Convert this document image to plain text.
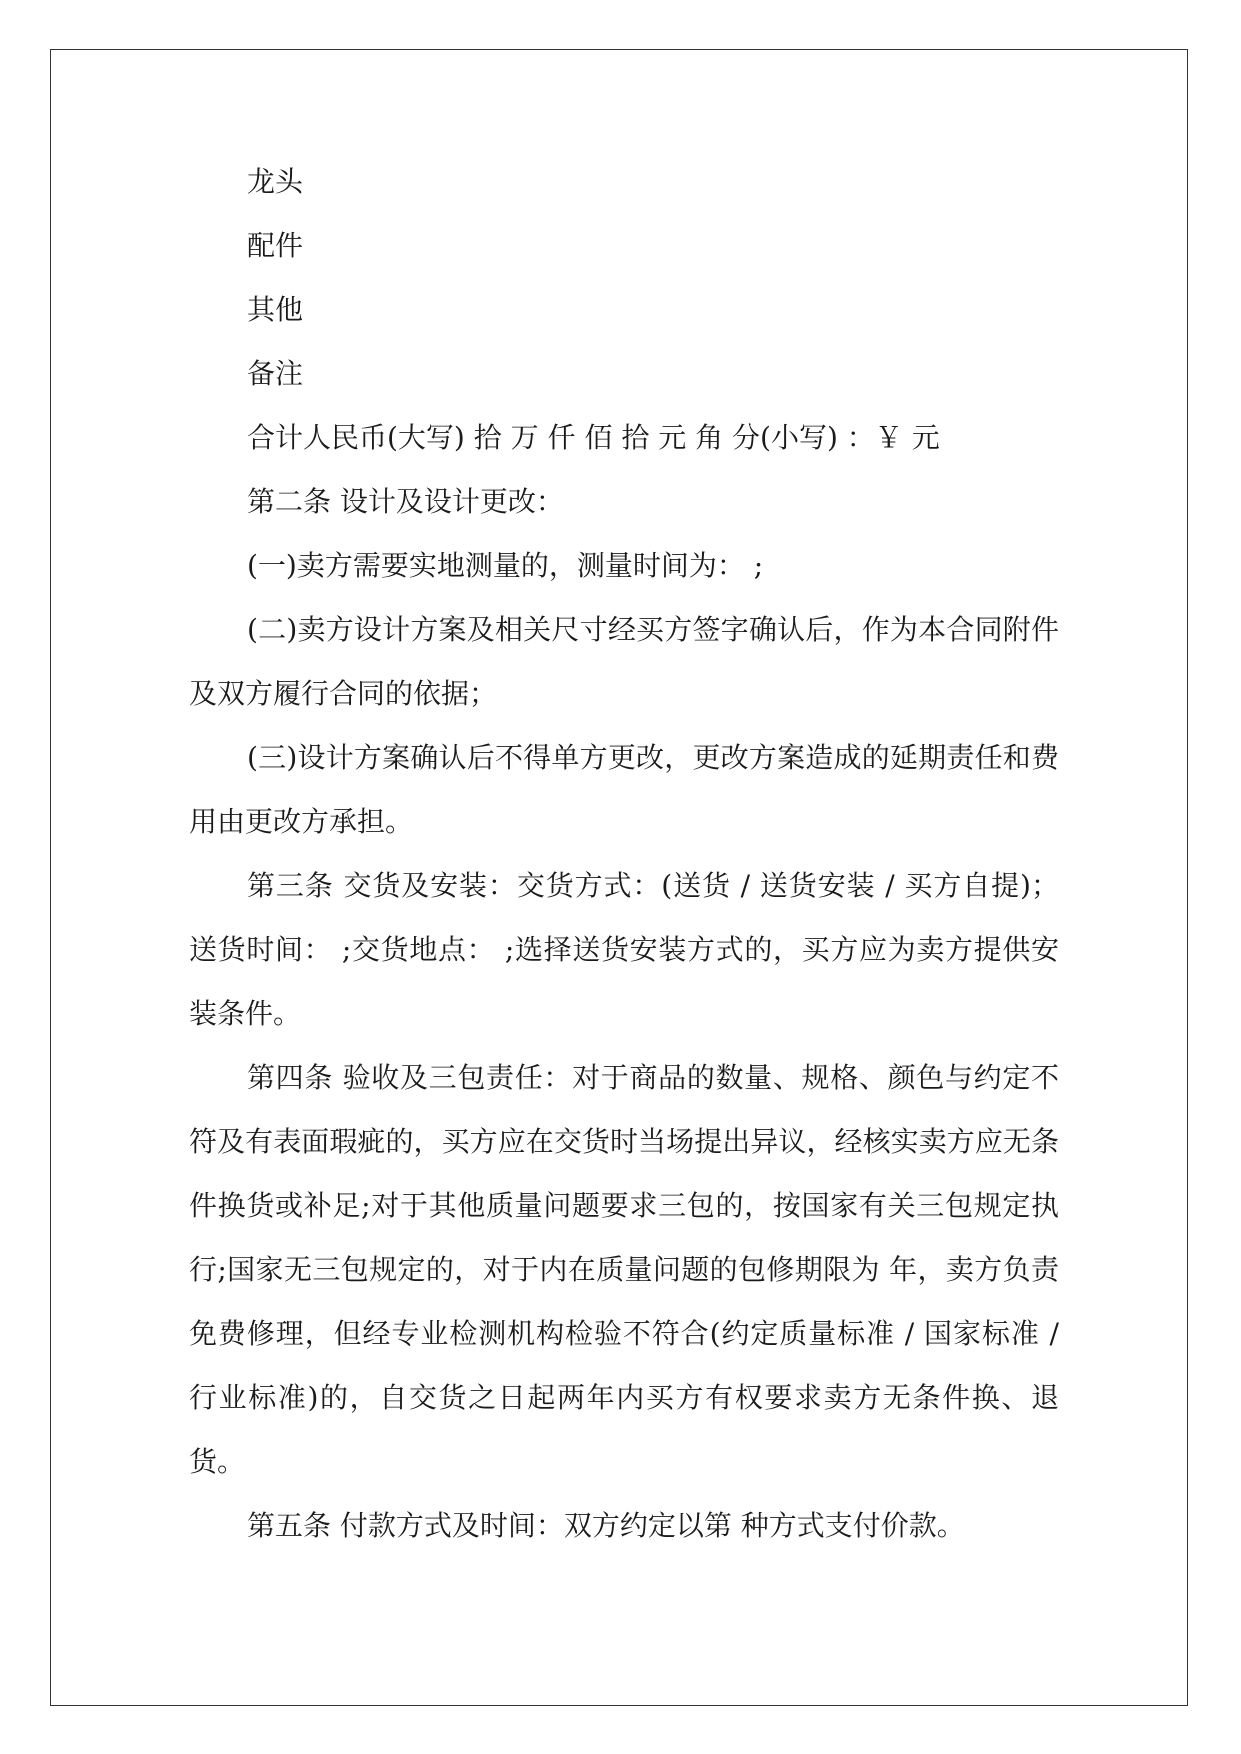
龙头

配件

其他

备注

合计人民币(大写) 拾 万 仟 佰 拾 元 角 分(小写) ：￥ 元

第二条 设计及设计更改：

(一)卖方需要实地测量的，测量时间为： ;

(二)卖方设计方案及相关尺寸经买方签字确认后，作为本合同附件及双方履行合同的依据；

(三)设计方案确认后不得单方更改，更改方案造成的延期责任和费用由更改方承担。

第三条 交货及安装：交货方式：(送货 / 送货安装 / 买方自提)；送货时间： ;交货地点： ;选择送货安装方式的，买方应为卖方提供安装条件。

第四条 验收及三包责任：对于商品的数量、规格、颜色与约定不符及有表面瑕疵的，买方应在交货时当场提出异议，经核实卖方应无条件换货或补足;对于其他质量问题要求三包的，按国家有关三包规定执行;国家无三包规定的，对于内在质量问题的包修期限为 年，卖方负责免费修理，但经专业检测机构检验不符合(约定质量标准 / 国家标准 / 行业标准)的，自交货之日起两年内买方有权要求卖方无条件换、退货。

第五条 付款方式及时间：双方约定以第 种方式支付价款。
